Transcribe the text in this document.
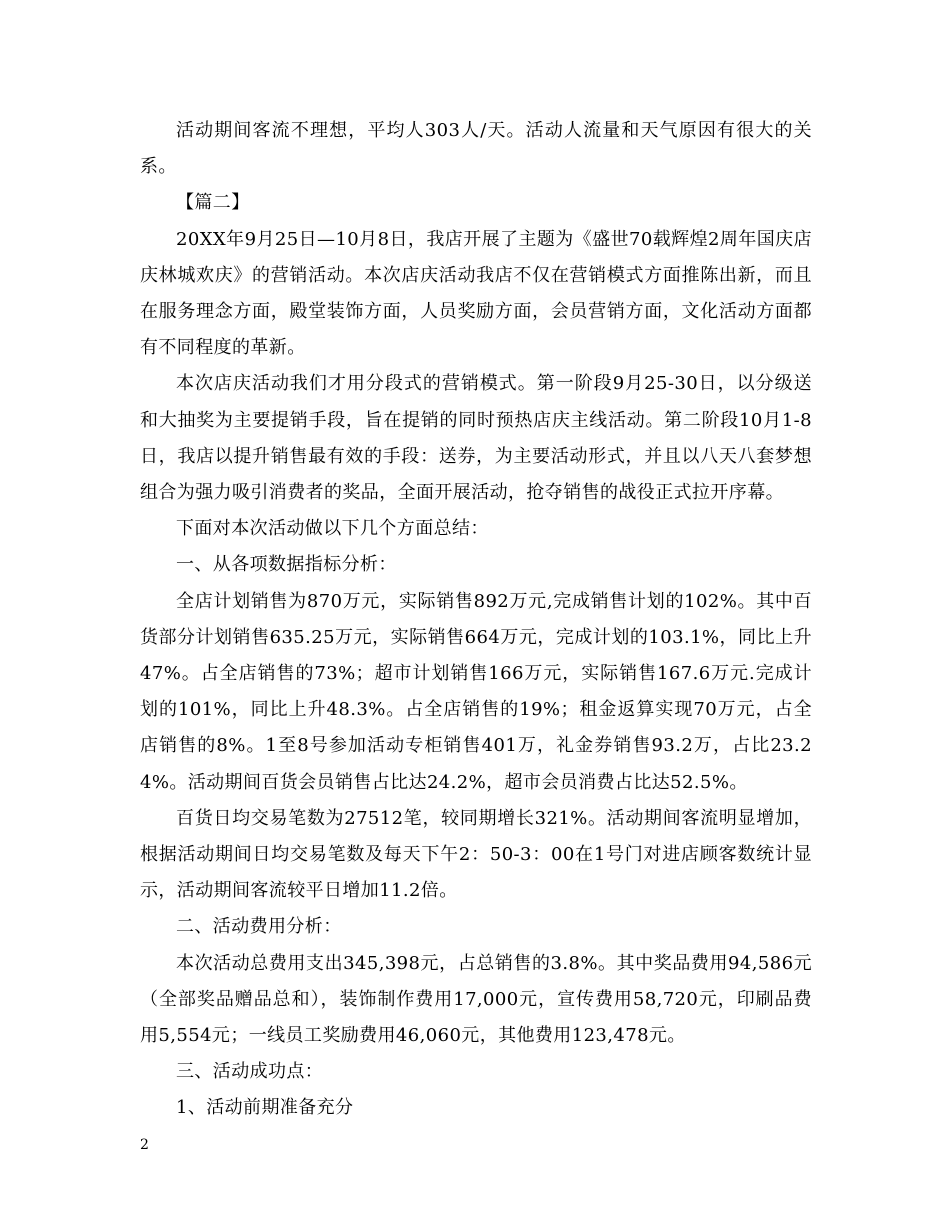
活动期间客流不理想，平均人303人/天。活动人流量和天气原因有很大的关系。

【篇二】

20XX年9月25日—10月8日，我店开展了主题为《盛世70载辉煌2周年国庆店庆林城欢庆》的营销活动。本次店庆活动我店不仅在营销模式方面推陈出新，而且在服务理念方面，殿堂装饰方面，人员奖励方面，会员营销方面，文化活动方面都有不同程度的革新。

本次店庆活动我们才用分段式的营销模式。第一阶段9月25-30日，以分级送和大抽奖为主要提销手段，旨在提销的同时预热店庆主线活动。第二阶段10月1-8日，我店以提升销售最有效的手段：送券，为主要活动形式，并且以八天八套梦想组合为强力吸引消费者的奖品，全面开展活动，抢夺销售的战役正式拉开序幕。

下面对本次活动做以下几个方面总结：

一、从各项数据指标分析：

全店计划销售为870万元，实际销售892万元,完成销售计划的102%。其中百货部分计划销售635.25万元，实际销售664万元，完成计划的103.1%，同比上升47%。占全店销售的73%；超市计划销售166万元，实际销售167.6万元.完成计划的101%，同比上升48.3%。占全店销售的19%；租金返算实现70万元，占全店销售的8%。1至8号参加活动专柜销售401万，礼金券销售93.2万，占比23.24%。活动期间百货会员销售占比达24.2%，超市会员消费占比达52.5%。

百货日均交易笔数为27512笔，较同期增长321%。活动期间客流明显增加，根据活动期间日均交易笔数及每天下午2：50-3：00在1号门对进店顾客数统计显示，活动期间客流较平日增加11.2倍。

二、活动费用分析：

本次活动总费用支出345,398元，占总销售的3.8%。其中奖品费用94,586元（全部奖品赠品总和），装饰制作费用17,000元，宣传费用58,720元，印刷品费用5,554元；一线员工奖励费用46,060元，其他费用123,478元。

三、活动成功点：

1、活动前期准备充分

2
